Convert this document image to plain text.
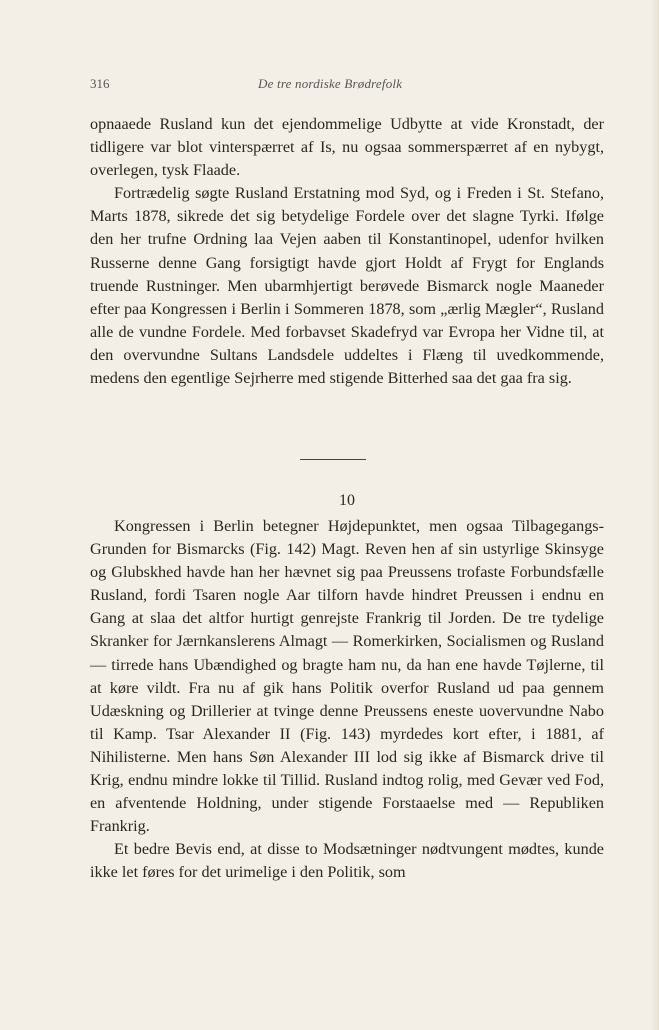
316	De tre nordiske Brødrefolk

opnaaede Rusland kun det ejendommelige Udbytte at vide Kronstadt, der tidligere var blot vinterspærret af Is, nu ogsaa sommerspærret af en nybygt, overlegen, tysk Flaade.

Fortrædelig søgte Rusland Erstatning mod Syd, og i Freden i St. Stefano, Marts 1878, sikrede det sig betydelige Fordele over det slagne Tyrki. Ifølge den her trufne Ordning laa Vejen aaben til Konstantinopel, udenfor hvilken Russerne denne Gang forsigtigt havde gjort Holdt af Frygt for Englands truende Rustninger. Men ubarmhjertigt berøvede Bismarck nogle Maaneder efter paa Kongressen i Berlin i Sommeren 1878, som „ærlig Mægler“, Rusland alle de vundne Fordele. Med forbavset Skadefryd var Evropa her Vidne til, at den overvundne Sultans Landsdele uddeltes i Flæng til uvedkommende, medens den egentlige Sejrherre med stigende Bitterhed saa det gaa fra sig.

10

Kongressen i Berlin betegner Højdepunktet, men ogsaa Tilbagegangs-Grunden for Bismarcks (Fig. 142) Magt. Reven hen af sin ustyrlige Skinsyge og Glubskhed havde han her hævnet sig paa Preussens trofaste Forbundsfælle Rusland, fordi Tsaren nogle Aar tilforn havde hindret Preussen i endnu en Gang at slaa det altfor hurtigt genrejste Frankrig til Jorden. De tre tydelige Skranker for Jærnkanslerens Almagt — Romerkirken, Socialismen og Rusland — tirrede hans Ubændighed og bragte ham nu, da han ene havde Tøjlerne, til at køre vildt. Fra nu af gik hans Politik overfor Rusland ud paa gennem Udæskning og Drillerier at tvinge denne Preussens eneste uovervundne Nabo til Kamp. Tsar Alexander II (Fig. 143) myrdedes kort efter, i 1881, af Nihilisterne. Men hans Søn Alexander III lod sig ikke af Bismarck drive til Krig, endnu mindre lokke til Tillid. Rusland indtog rolig, med Gevær ved Fod, en afventende Holdning, under stigende Forstaaelse med — Republiken Frankrig.

Et bedre Bevis end, at disse to Modsætninger nødtvungent mødtes, kunde ikke let føres for det urimelige i den Politik, som
